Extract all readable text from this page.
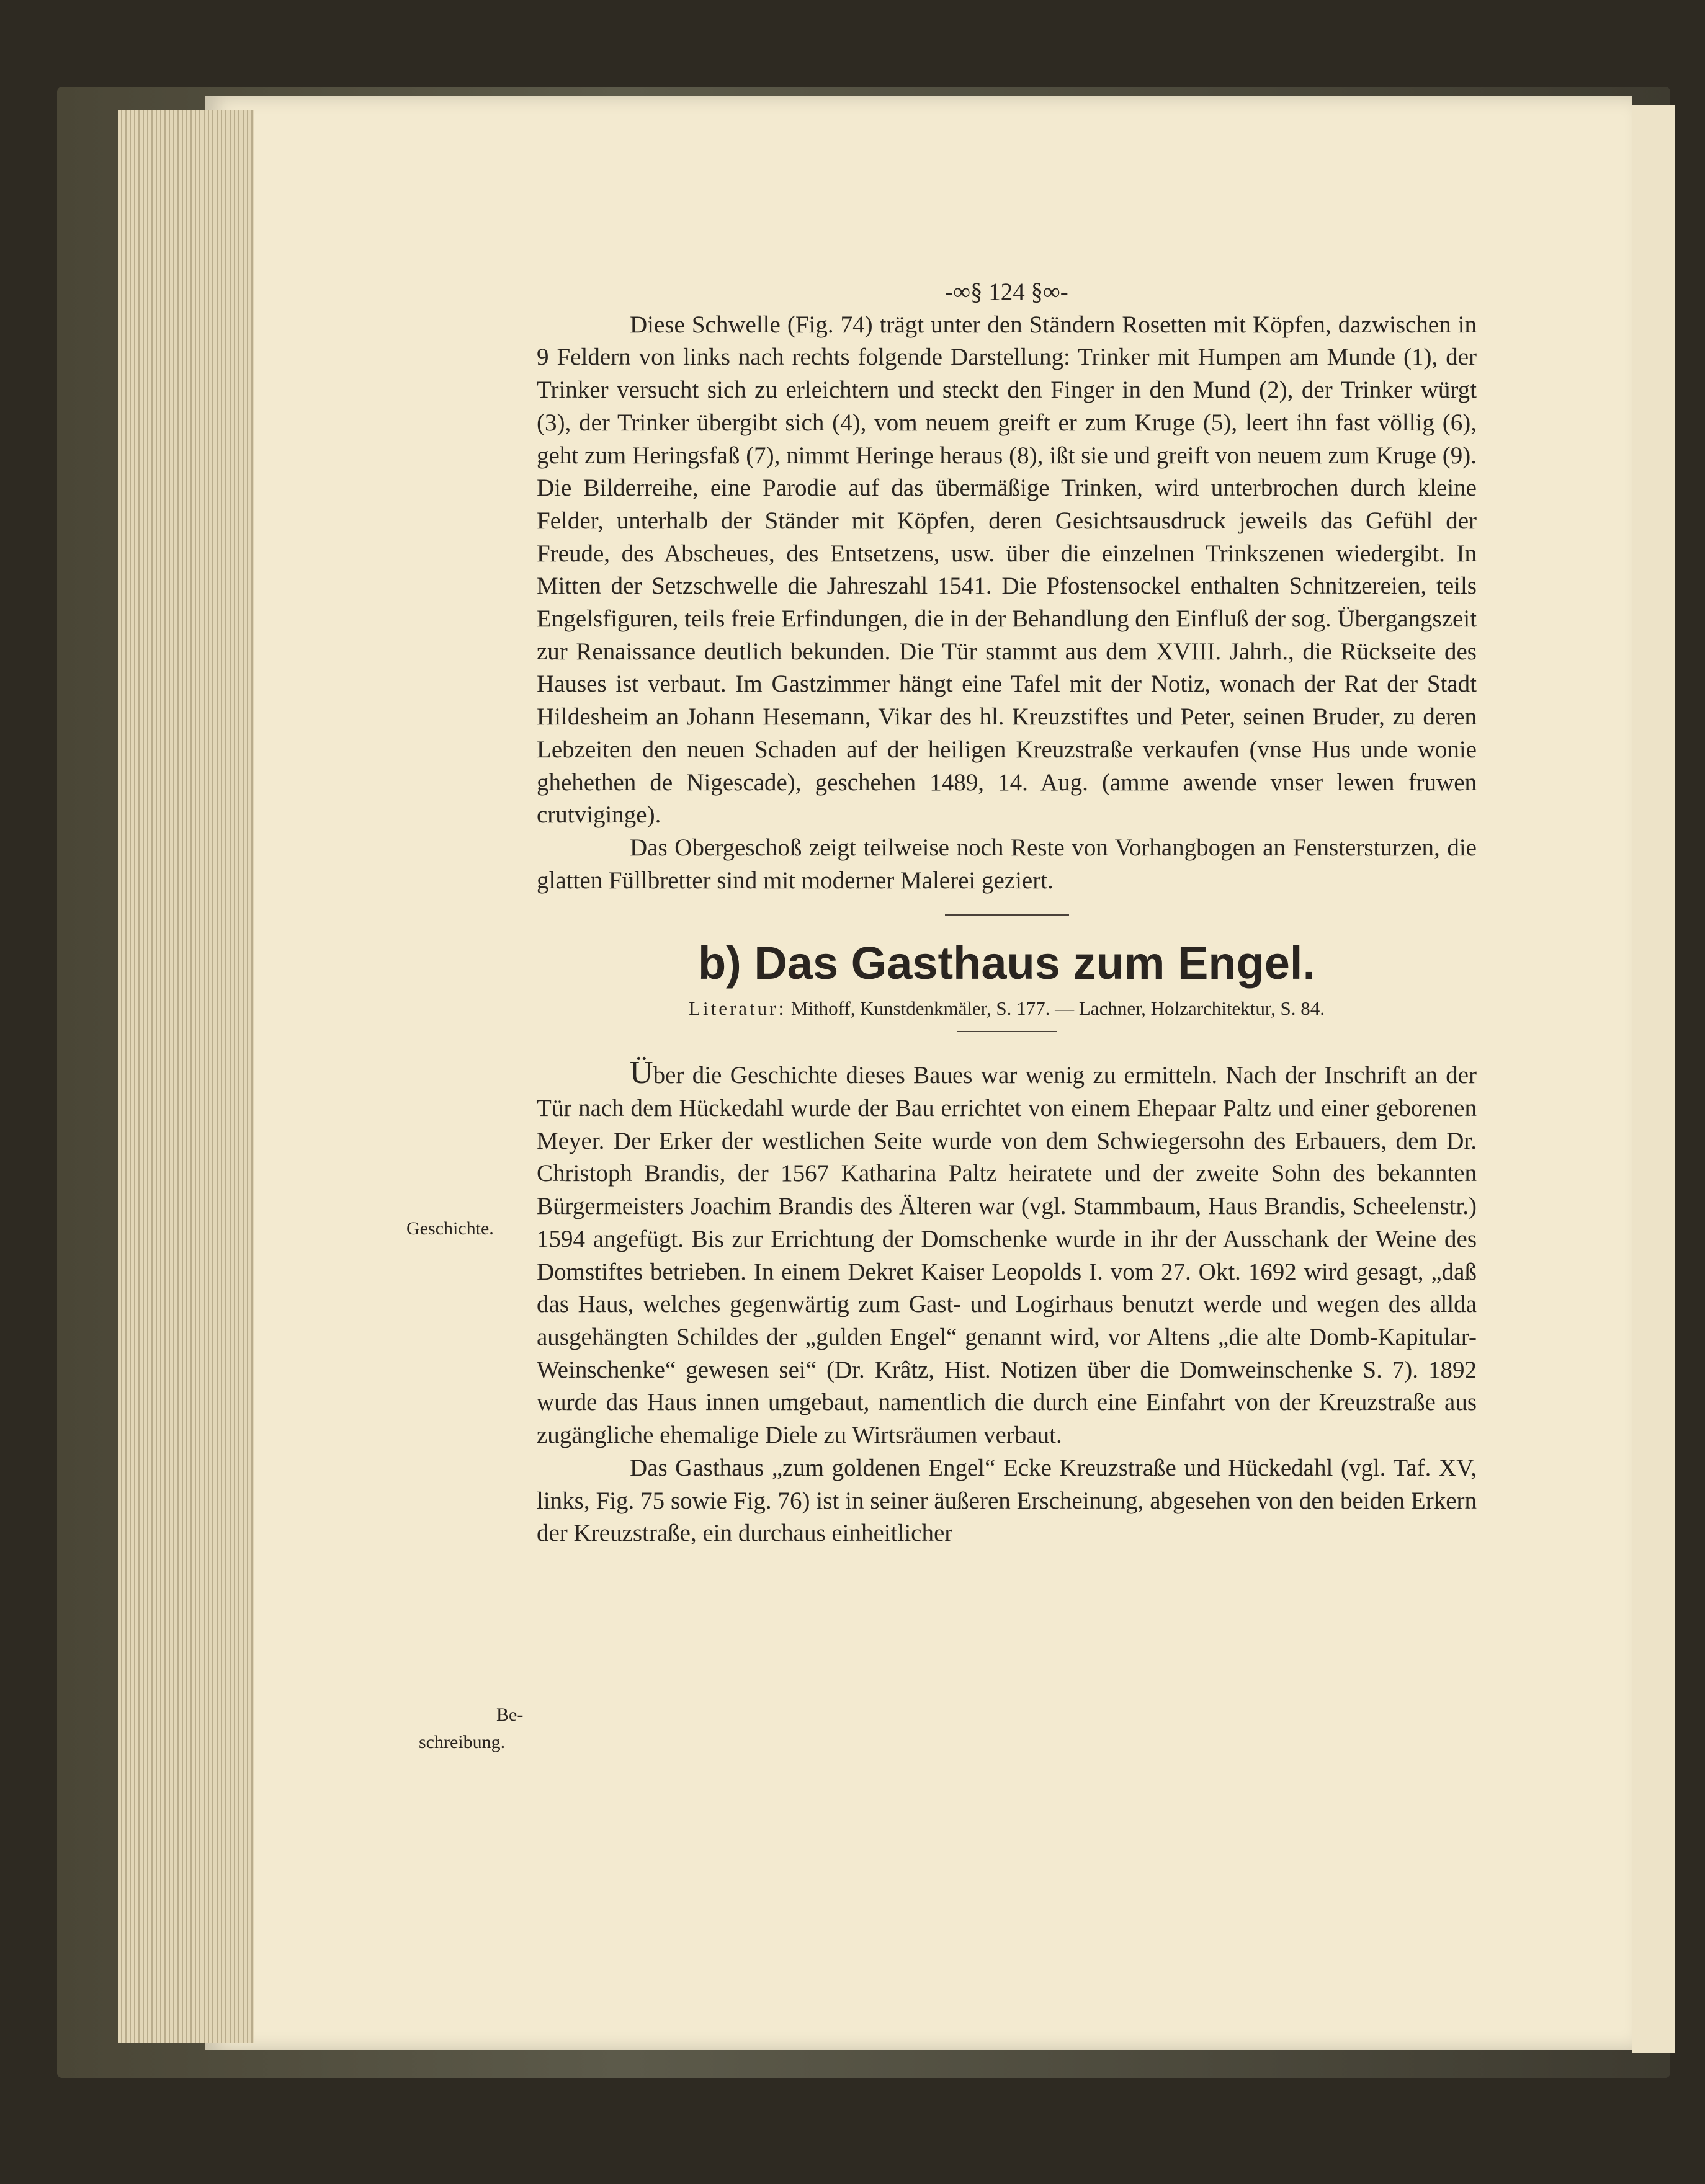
Geschichte.
Be-
schreibung.
-∞§ 124 §∞-

Diese Schwelle (Fig. 74) trägt unter den Ständern Rosetten mit Köpfen, dazwischen in 9 Feldern von links nach rechts folgende Darstellung: Trinker mit Humpen am Munde (1), der Trinker versucht sich zu erleichtern und steckt den Finger in den Mund (2), der Trinker würgt (3), der Trinker übergibt sich (4), vom neuem greift er zum Kruge (5), leert ihn fast völlig (6), geht zum Heringsfaß (7), nimmt Heringe heraus (8), ißt sie und greift von neuem zum Kruge (9). Die Bilderreihe, eine Parodie auf das übermäßige Trinken, wird unterbrochen durch kleine Felder, unterhalb der Ständer mit Köpfen, deren Gesichtsausdruck jeweils das Gefühl der Freude, des Abscheues, des Entsetzens, usw. über die einzelnen Trinkszenen wiedergibt. In Mitten der Setzschwelle die Jahreszahl 1541. Die Pfostensockel enthalten Schnitzereien, teils Engelsfiguren, teils freie Erfindungen, die in der Behandlung den Einfluß der sog. Übergangszeit zur Renaissance deutlich bekunden. Die Tür stammt aus dem XVIII. Jahrh., die Rückseite des Hauses ist verbaut. Im Gastzimmer hängt eine Tafel mit der Notiz, wonach der Rat der Stadt Hildesheim an Johann Hesemann, Vikar des hl. Kreuzstiftes und Peter, seinen Bruder, zu deren Lebzeiten den neuen Schaden auf der heiligen Kreuzstraße verkaufen (vnse Hus unde wonie ghehethen de Nigescade), geschehen 1489, 14. Aug. (amme awende vnser lewen fruwen crutviginge).

Das Obergeschoß zeigt teilweise noch Reste von Vorhangbogen an Fenstersturzen, die glatten Füllbretter sind mit moderner Malerei geziert.

b) Das Gasthaus zum Engel.

Literatur: Mithoff, Kunstdenkmäler, S. 177. — Lachner, Holzarchitektur, S. 84.

Über die Geschichte dieses Baues war wenig zu ermitteln. Nach der Inschrift an der Tür nach dem Hückedahl wurde der Bau errichtet von einem Ehepaar Paltz und einer geborenen Meyer. Der Erker der westlichen Seite wurde von dem Schwiegersohn des Erbauers, dem Dr. Christoph Brandis, der 1567 Katharina Paltz heiratete und der zweite Sohn des bekannten Bürgermeisters Joachim Brandis des Älteren war (vgl. Stammbaum, Haus Brandis, Scheelenstr.) 1594 angefügt. Bis zur Errichtung der Domschenke wurde in ihr der Ausschank der Weine des Domstiftes betrieben. In einem Dekret Kaiser Leopolds I. vom 27. Okt. 1692 wird gesagt, „daß das Haus, welches gegenwärtig zum Gast- und Logirhaus benutzt werde und wegen des allda ausgehängten Schildes der „gulden Engel“ genannt wird, vor Altens „die alte Domb-Kapitular-Weinschenke“ gewesen sei“ (Dr. Krâtz, Hist. Notizen über die Domweinschenke S. 7). 1892 wurde das Haus innen umgebaut, namentlich die durch eine Einfahrt von der Kreuzstraße aus zugängliche ehemalige Diele zu Wirtsräumen verbaut.

Das Gasthaus „zum goldenen Engel“ Ecke Kreuzstraße und Hückedahl (vgl. Taf. XV, links, Fig. 75 sowie Fig. 76) ist in seiner äußeren Erscheinung, abgesehen von den beiden Erkern der Kreuzstraße, ein durchaus einheitlicher
